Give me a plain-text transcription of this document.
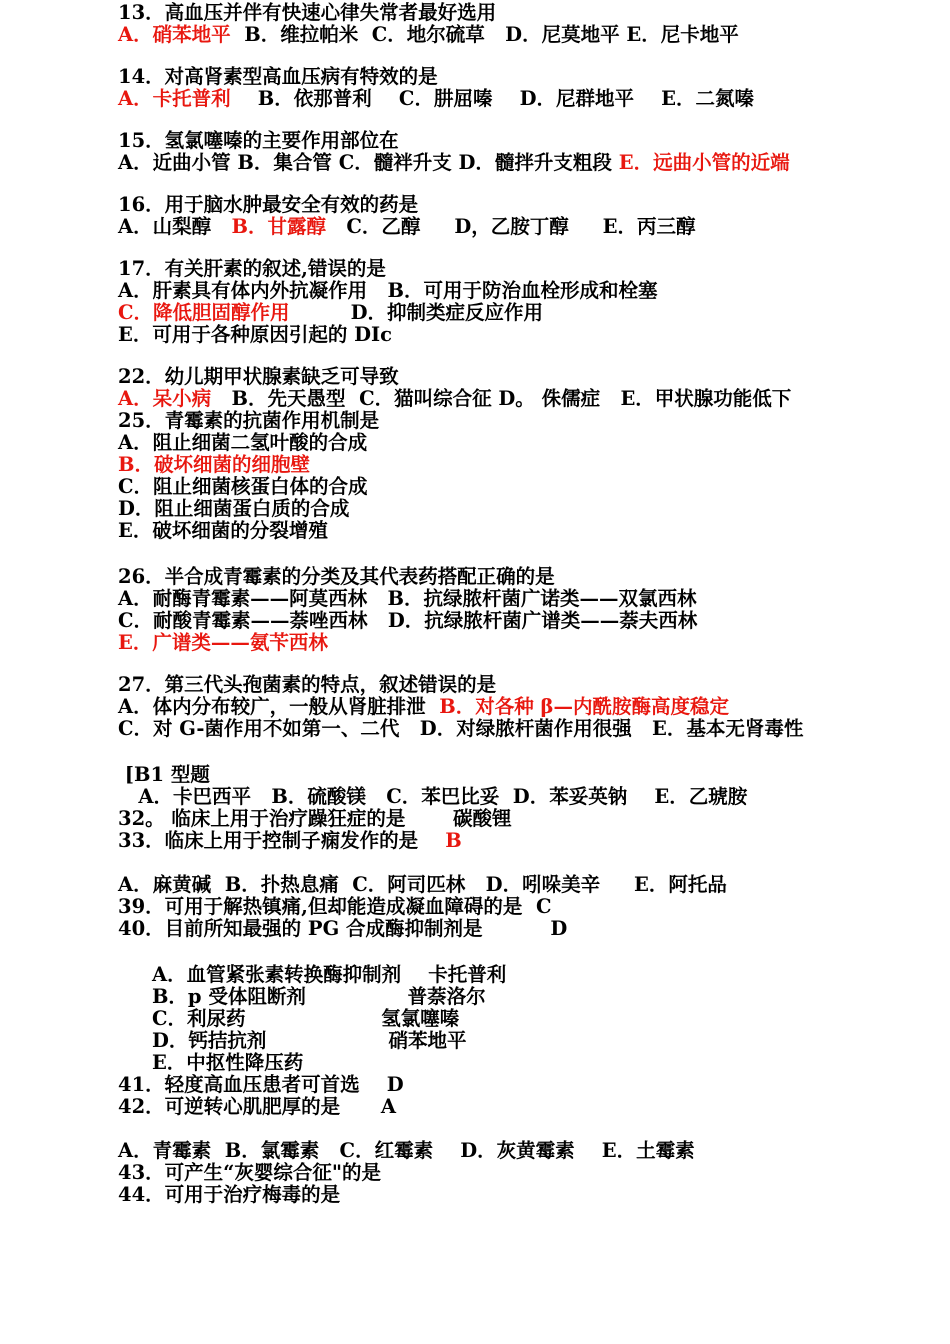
13．高血压并伴有快速心律失常者最好选用
A．硝苯地平  B．维拉帕米  C．地尔硫草   D．尼莫地平 E．尼卡地平
14．对高肾素型高血压病有特效的是
A．卡托普利    B．依那普利    C．肼屈嗪    D．尼群地平    E．二氮嗪
15．氢氯噻嗪的主要作用部位在
A．近曲小管 B．集合管 C．髓袢升支 D．髓拌升支粗段 E．远曲小管的近端
16．用于脑水肿最安全有效的药是
A．山梨醇   B．甘露醇   C．乙醇     D，乙胺丁醇     E．丙三醇
17．有关肝素的叙述,错误的是
A．肝素具有体内外抗凝作用   B．可用于防治血栓形成和栓塞
C．降低胆固醇作用         D．抑制类症反应作用
E．可用于各种原因引起的 DIc
22．幼儿期甲状腺素缺乏可导致
A．呆小病   B．先天愚型  C．猫叫综合征 D。 侏儒症   E．甲状腺功能低下
25．青霉素的抗菌作用机制是
A．阻止细菌二氢叶酸的合成
B．破坏细菌的细胞壁
C．阻止细菌核蛋白体的合成
D．阻止细菌蛋白质的合成
E．破坏细菌的分裂增殖
26．半合成青霉素的分类及其代表药搭配正确的是
A．耐酶青霉素——阿莫西林   B．抗绿脓杆菌广诺类——双氯西林
C．耐酸青霉素——萘唑西林   D．抗绿脓杆菌广谱类——萘夫西林
E．广谱类——氨苄西林
27．第三代头孢菌素的特点，叙述错误的是
A．体内分布较广，一般从肾脏排泄  B．对各种 β—内酰胺酶高度稳定
C．对 G-菌作用不如第一、二代   D．对绿脓杆菌作用很强   E．基本无肾毒性
[B1 型题
A．卡巴西平   B．硫酸镁   C．苯巴比妥  D．苯妥英钠    E．乙琥胺
32。 临床上用于治疗躁狂症的是       碳酸锂
33．临床上用于控制子痫发作的是    B
A．麻黄碱  B．扑热息痛  C．阿司匹林   D．吲哚美辛     E．阿托品
39．可用于解热镇痛,但却能造成凝血障碍的是  C
40．目前所知最强的 PG 合成酶抑制剂是          D
A．血管紧张素转换酶抑制剂    卡托普利
B．p 受体阻断剂               普萘洛尔
C．利尿药                    氢氯噻嗪
D．钙拮抗剂                  硝苯地平
E．中抠性降压药
41．轻度高血压患者可首选    D
42．可逆转心肌肥厚的是      A
A．青霉素  B．氯霉素   C．红霉素    D．灰黄霉素    E．土霉素
43．可产生“灰婴综合征"的是
44．可用于治疗梅毒的是
